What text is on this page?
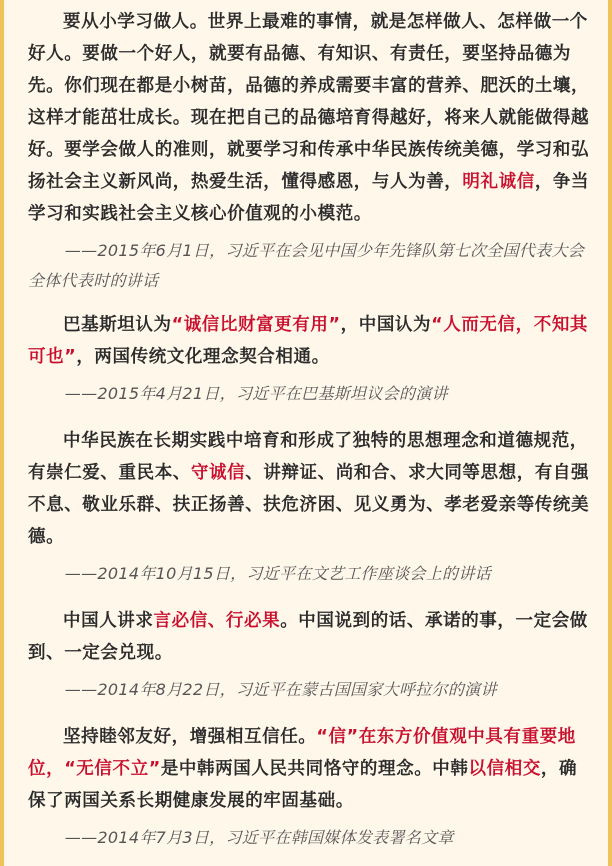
要从小学习做人。世界上最难的事情，就是怎样做人、怎样做一个好人。要做一个好人，就要有品德、有知识、有责任，要坚持品德为先。你们现在都是小树苗，品德的养成需要丰富的营养、肥沃的土壤，这样才能茁壮成长。现在把自己的品德培育得越好，将来人就能做得越好。要学会做人的准则，就要学习和传承中华民族传统美德，学习和弘扬社会主义新风尚，热爱生活，懂得感恩，与人为善，明礼诚信，争当学习和实践社会主义核心价值观的小模范。

——2015年6月1日，习近平在会见中国少年先锋队第七次全国代表大会全体代表时的讲话

巴基斯坦认为“诚信比财富更有用”，中国认为“人而无信，不知其可也”，两国传统文化理念契合相通。

——2015年4月21日，习近平在巴基斯坦议会的演讲

中华民族在长期实践中培育和形成了独特的思想理念和道德规范，有崇仁爱、重民本、守诚信、讲辩证、尚和合、求大同等思想，有自强不息、敬业乐群、扶正扬善、扶危济困、见义勇为、孝老爱亲等传统美德。

——2014年10月15日，习近平在文艺工作座谈会上的讲话

中国人讲求言必信、行必果。中国说到的话、承诺的事，一定会做到、一定会兑现。

——2014年8月22日，习近平在蒙古国国家大呼拉尔的演讲

坚持睦邻友好，增强相互信任。“信”在东方价值观中具有重要地位，“无信不立”是中韩两国人民共同恪守的理念。中韩以信相交，确保了两国关系长期健康发展的牢固基础。

——2014年7月3日，习近平在韩国媒体发表署名文章
